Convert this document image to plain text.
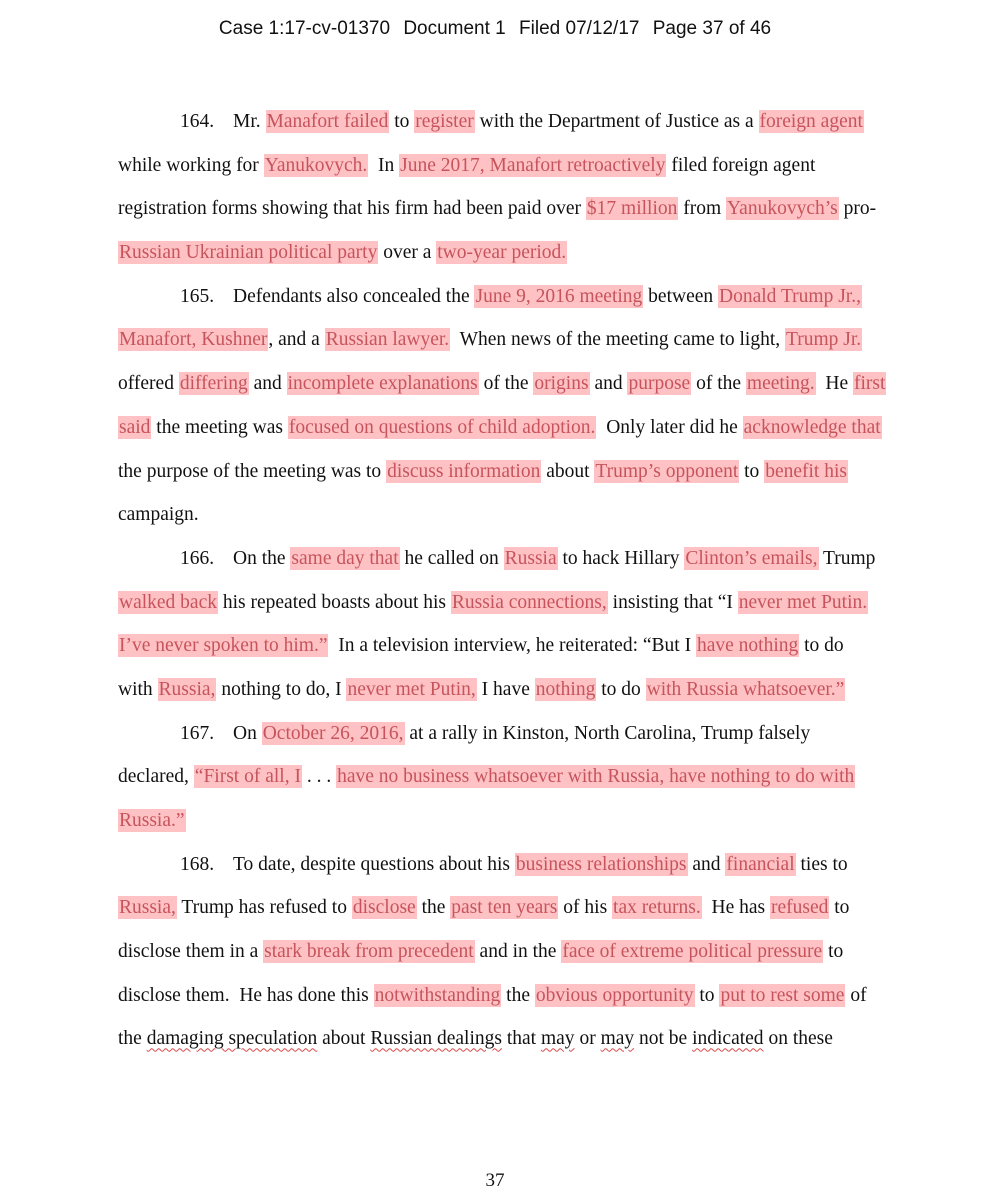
Case 1:17-cv-01370 Document 1 Filed 07/12/17 Page 37 of 46
164. Mr. Manafort failed to register with the Department of Justice as a foreign agent
while working for Yanukovych.  In June 2017, Manafort retroactively filed foreign agent
registration forms showing that his firm had been paid over $17 million from Yanukovych’s pro-
Russian Ukrainian political party over a two-year period.
165. Defendants also concealed the June 9, 2016 meeting between Donald Trump Jr.,
Manafort, Kushner, and a Russian lawyer.  When news of the meeting came to light, Trump Jr.
offered differing and incomplete explanations of the origins and purpose of the meeting.  He first
said the meeting was focused on questions of child adoption.  Only later did he acknowledge that
the purpose of the meeting was to discuss information about Trump’s opponent to benefit his
campaign.
166. On the same day that he called on Russia to hack Hillary Clinton’s emails, Trump
walked back his repeated boasts about his Russia connections, insisting that “I never met Putin.
I’ve never spoken to him.”  In a television interview, he reiterated: “But I have nothing to do
with Russia, nothing to do, I never met Putin, I have nothing to do with Russia whatsoever.”
167. On October 26, 2016, at a rally in Kinston, North Carolina, Trump falsely
declared, “First of all, I . . . have no business whatsoever with Russia, have nothing to do with
Russia.”
168. To date, despite questions about his business relationships and financial ties to
Russia, Trump has refused to disclose the past ten years of his tax returns.  He has refused to
disclose them in a stark break from precedent and in the face of extreme political pressure to
disclose them.  He has done this notwithstanding the obvious opportunity to put to rest some of
the damaging speculation about Russian dealings that may or may not be indicated on these
37
